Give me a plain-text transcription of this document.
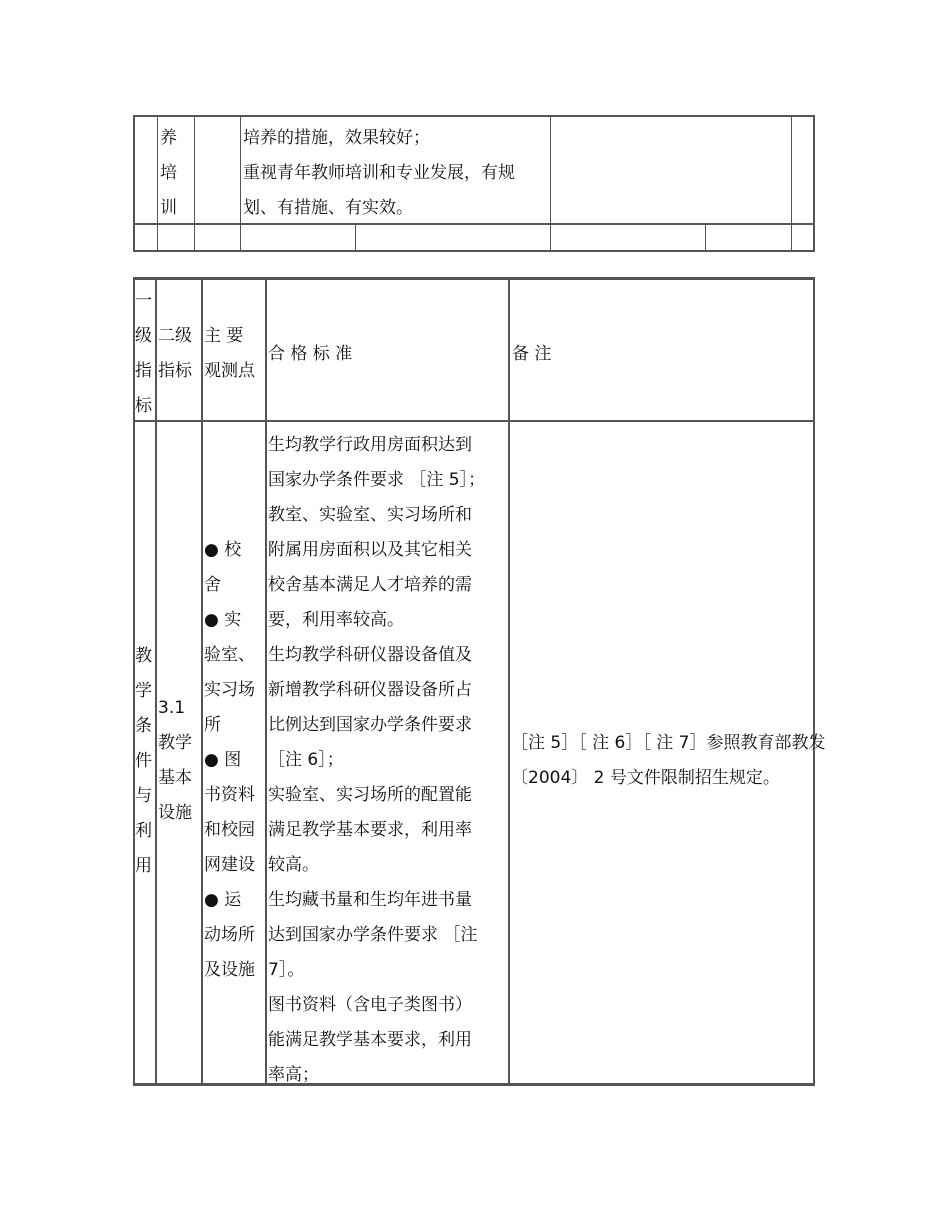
养
培
训
培养的措施，效果较好；
重视青年教师培训和专业发展，有规
划、有措施、有实效。
一
级
指
标
二级
指标
主 要
观测点
合 格 标 准	备 注
教
学
条
件
与
利
用
3.1
教学
基本
设施
● 校
舍
● 实
验室、
实习场
所
● 图
书资料
和校园
网建设
● 运
动场所
及设施
生均教学行政用房面积达到
国家办学条件要求 ［注 5］；
教室、实验室、实习场所和
附属用房面积以及其它相关
校舍基本满足人才培养的需
要，利用率较高。
生均教学科研仪器设备值及
新增教学科研仪器设备所占
比例达到国家办学条件要求
［注 6］；
实验室、实习场所的配置能
满足教学基本要求，利用率
较高。
生均藏书量和生均年进书量
达到国家办学条件要求 ［注
7］。
图书资料（含电子类图书）
能满足教学基本要求，利用
率高；
［注 5］［ 注 6］［ 注 7］参照教育部教发
〔2004〕 2 号文件限制招生规定。
